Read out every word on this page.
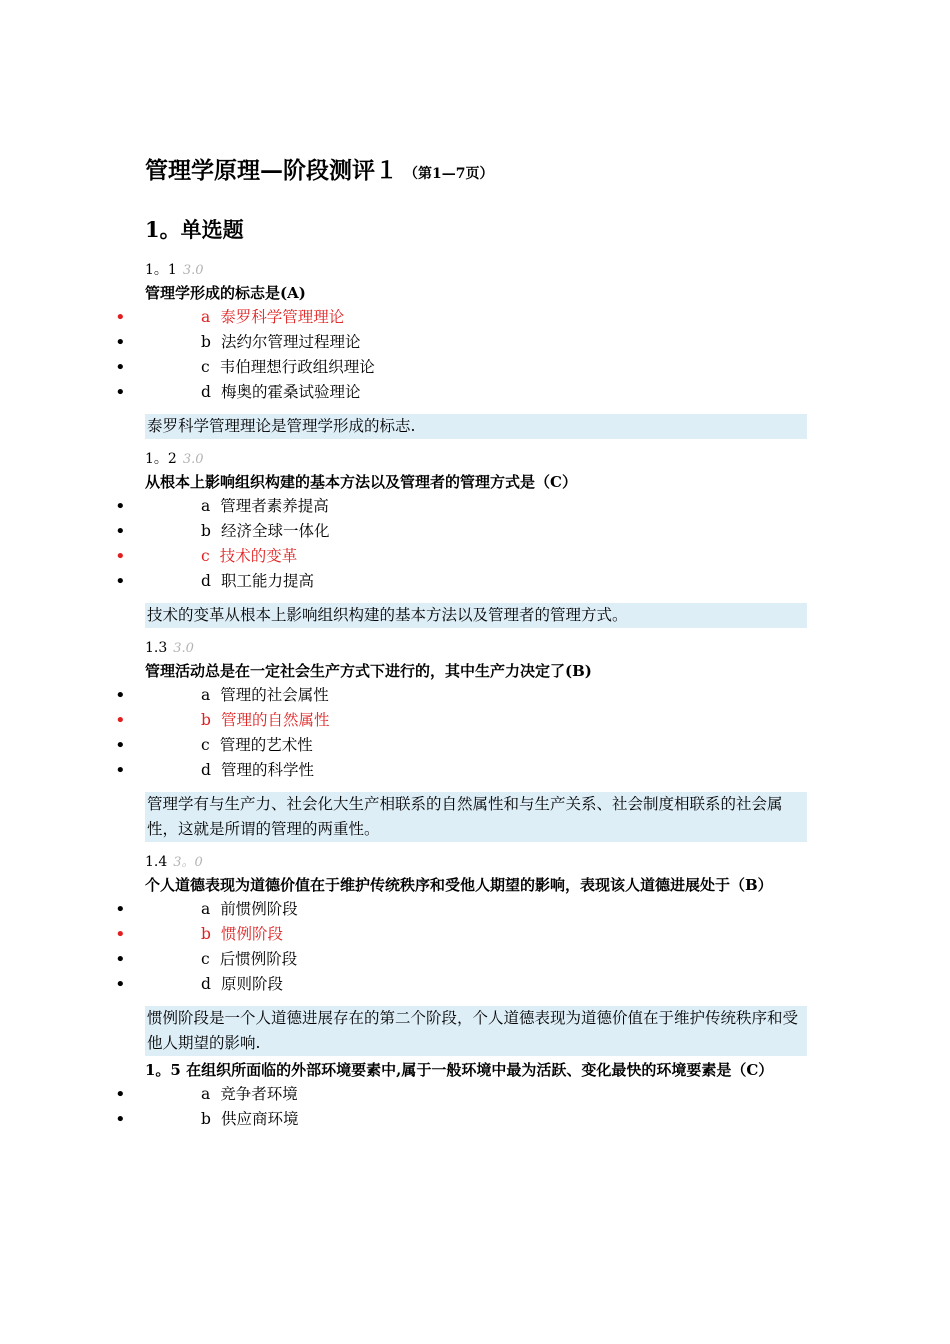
管理学原理—阶段测评１ （第1—7页）
1。单选题
1。1 3.0
管理学形成的标志是(A)
• a 泰罗科学管理理论
• b 法约尔管理过程理论
• c 韦伯理想行政组织理论
• d 梅奥的霍桑试验理论
泰罗科学管理理论是管理学形成的标志.
1。2 3.0
从根本上影响组织构建的基本方法以及管理者的管理方式是（C）
• a 管理者素养提高
• b 经济全球一体化
• c 技术的变革
• d 职工能力提高
技术的变革从根本上影响组织构建的基本方法以及管理者的管理方式。
1.3 3.0
管理活动总是在一定社会生产方式下进行的，其中生产力决定了(B)
• a 管理的社会属性
• b 管理的自然属性
• c 管理的艺术性
• d 管理的科学性
管理学有与生产力、社会化大生产相联系的自然属性和与生产关系、社会制度相联系的社会属性，这就是所谓的管理的两重性。
1.4 3。0
个人道德表现为道德价值在于维护传统秩序和受他人期望的影响，表现该人道德进展处于（B）
• a 前惯例阶段
• b 惯例阶段
• c 后惯例阶段
• d 原则阶段
惯例阶段是一个人道德进展存在的第二个阶段，个人道德表现为道德价值在于维护传统秩序和受他人期望的影响.
1。5 在组织所面临的外部环境要素中,属于一般环境中最为活跃、变化最快的环境要素是（C）
• a 竞争者环境
• b 供应商环境
